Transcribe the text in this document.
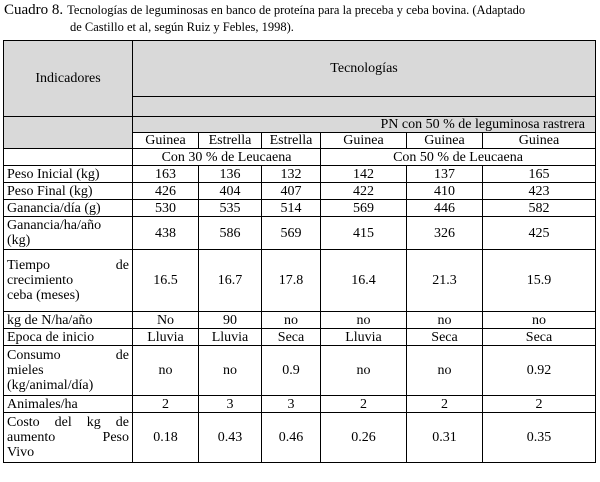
Cuadro 8. Tecnologías de leguminosas en banco de proteína para la preceba y ceba bovina. (Adaptado
de Castillo et al, según Ruiz y Febles, 1998).
Indicadores	Tecnologías					

	PN con 50 % de leguminosa rastrera					
	Guinea	Estrella	Estrella	Guinea	Guinea	Guinea
	Con 30 % de Leucaena			Con 50 % de Leucaena		
Peso Inicial (kg)	163	136	132	142	137	165
Peso Final (kg)	426	404	407	422	410	423
Ganancia/día (g)	530	535	514	569	446	582

Ganancia/ha/año
(kg)	438	586	569	415	326	425

Tiempo de
crecimiento
ceba (meses)	16.5	16.7	17.8	16.4	21.3	15.9
kg de N/ha/año	No	90	no	no	no	no
Epoca de inicio	Lluvia	Lluvia	Seca	Lluvia	Seca	Seca

Consumo de
mieles
(kg/animal/día)	no	no	0.9	no	no	0.92
Animales/ha	2	3	3	2	2	2

Costo del kg de
aumento Peso
Vivo	0.18	0.43	0.46	0.26	0.31	0.35
